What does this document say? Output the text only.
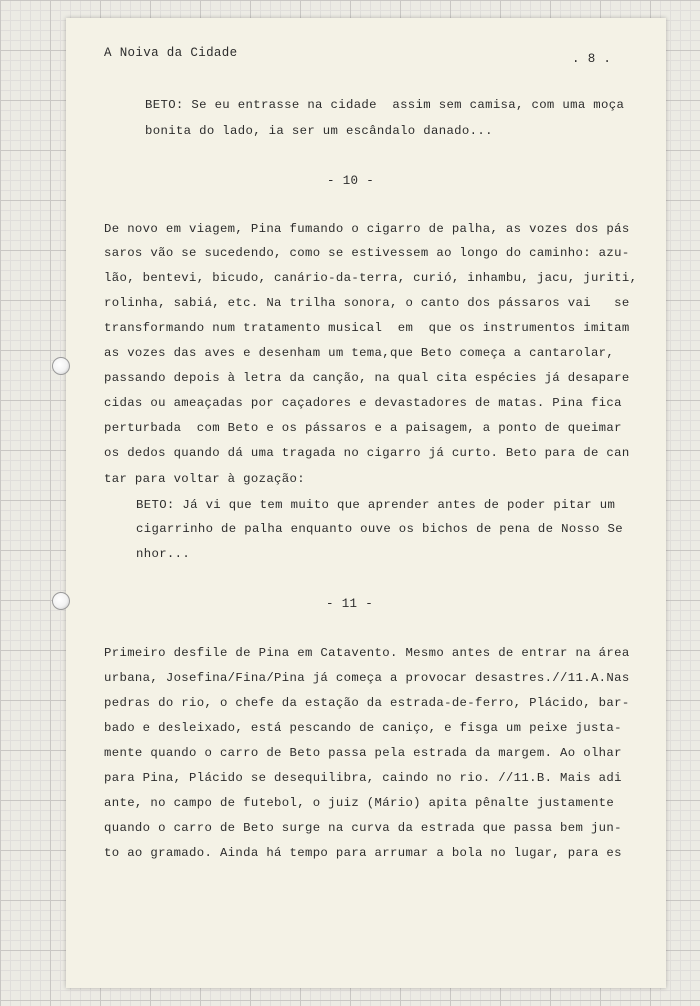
A Noiva da Cidade	. 8 .
BETO: Se eu entrasse na cidade  assim sem camisa, com uma moça
bonita do lado, ia ser um escândalo danado...
- 10 -
De novo em viagem, Pina fumando o cigarro de palha, as vozes dos pás
saros vão se sucedendo, como se estivessem ao longo do caminho: azu-
lão, bentevi, bicudo, canário-da-terra, curió, inhambu, jacu, juriti,
rolinha, sabiá, etc. Na trilha sonora, o canto dos pássaros vai   se
transformando num tratamento musical  em  que os instrumentos imitam
as vozes das aves e desenham um tema,que Beto começa a cantarolar,
passando depois à letra da canção, na qual cita espécies já desapare
cidas ou ameaçadas por caçadores e devastadores de matas. Pina fica
perturbada  com Beto e os pássaros e a paisagem, a ponto de queimar
os dedos quando dá uma tragada no cigarro já curto. Beto para de can
tar para voltar à gozação:
BETO: Já vi que tem muito que aprender antes de poder pitar um
cigarrinho de palha enquanto ouve os bichos de pena de Nosso Se
nhor...
- 11 -
Primeiro desfile de Pina em Catavento. Mesmo antes de entrar na área
urbana, Josefina/Fina/Pina já começa a provocar desastres.//11.A.Nas
pedras do rio, o chefe da estação da estrada-de-ferro, Plácido, bar-
bado e desleixado, está pescando de caniço, e fisga um peixe justa-
mente quando o carro de Beto passa pela estrada da margem. Ao olhar
para Pina, Plácido se desequilibra, caindo no rio. //11.B. Mais adi
ante, no campo de futebol, o juiz (Mário) apita pênalte justamente
quando o carro de Beto surge na curva da estrada que passa bem jun-
to ao gramado. Ainda há tempo para arrumar a bola no lugar, para es
